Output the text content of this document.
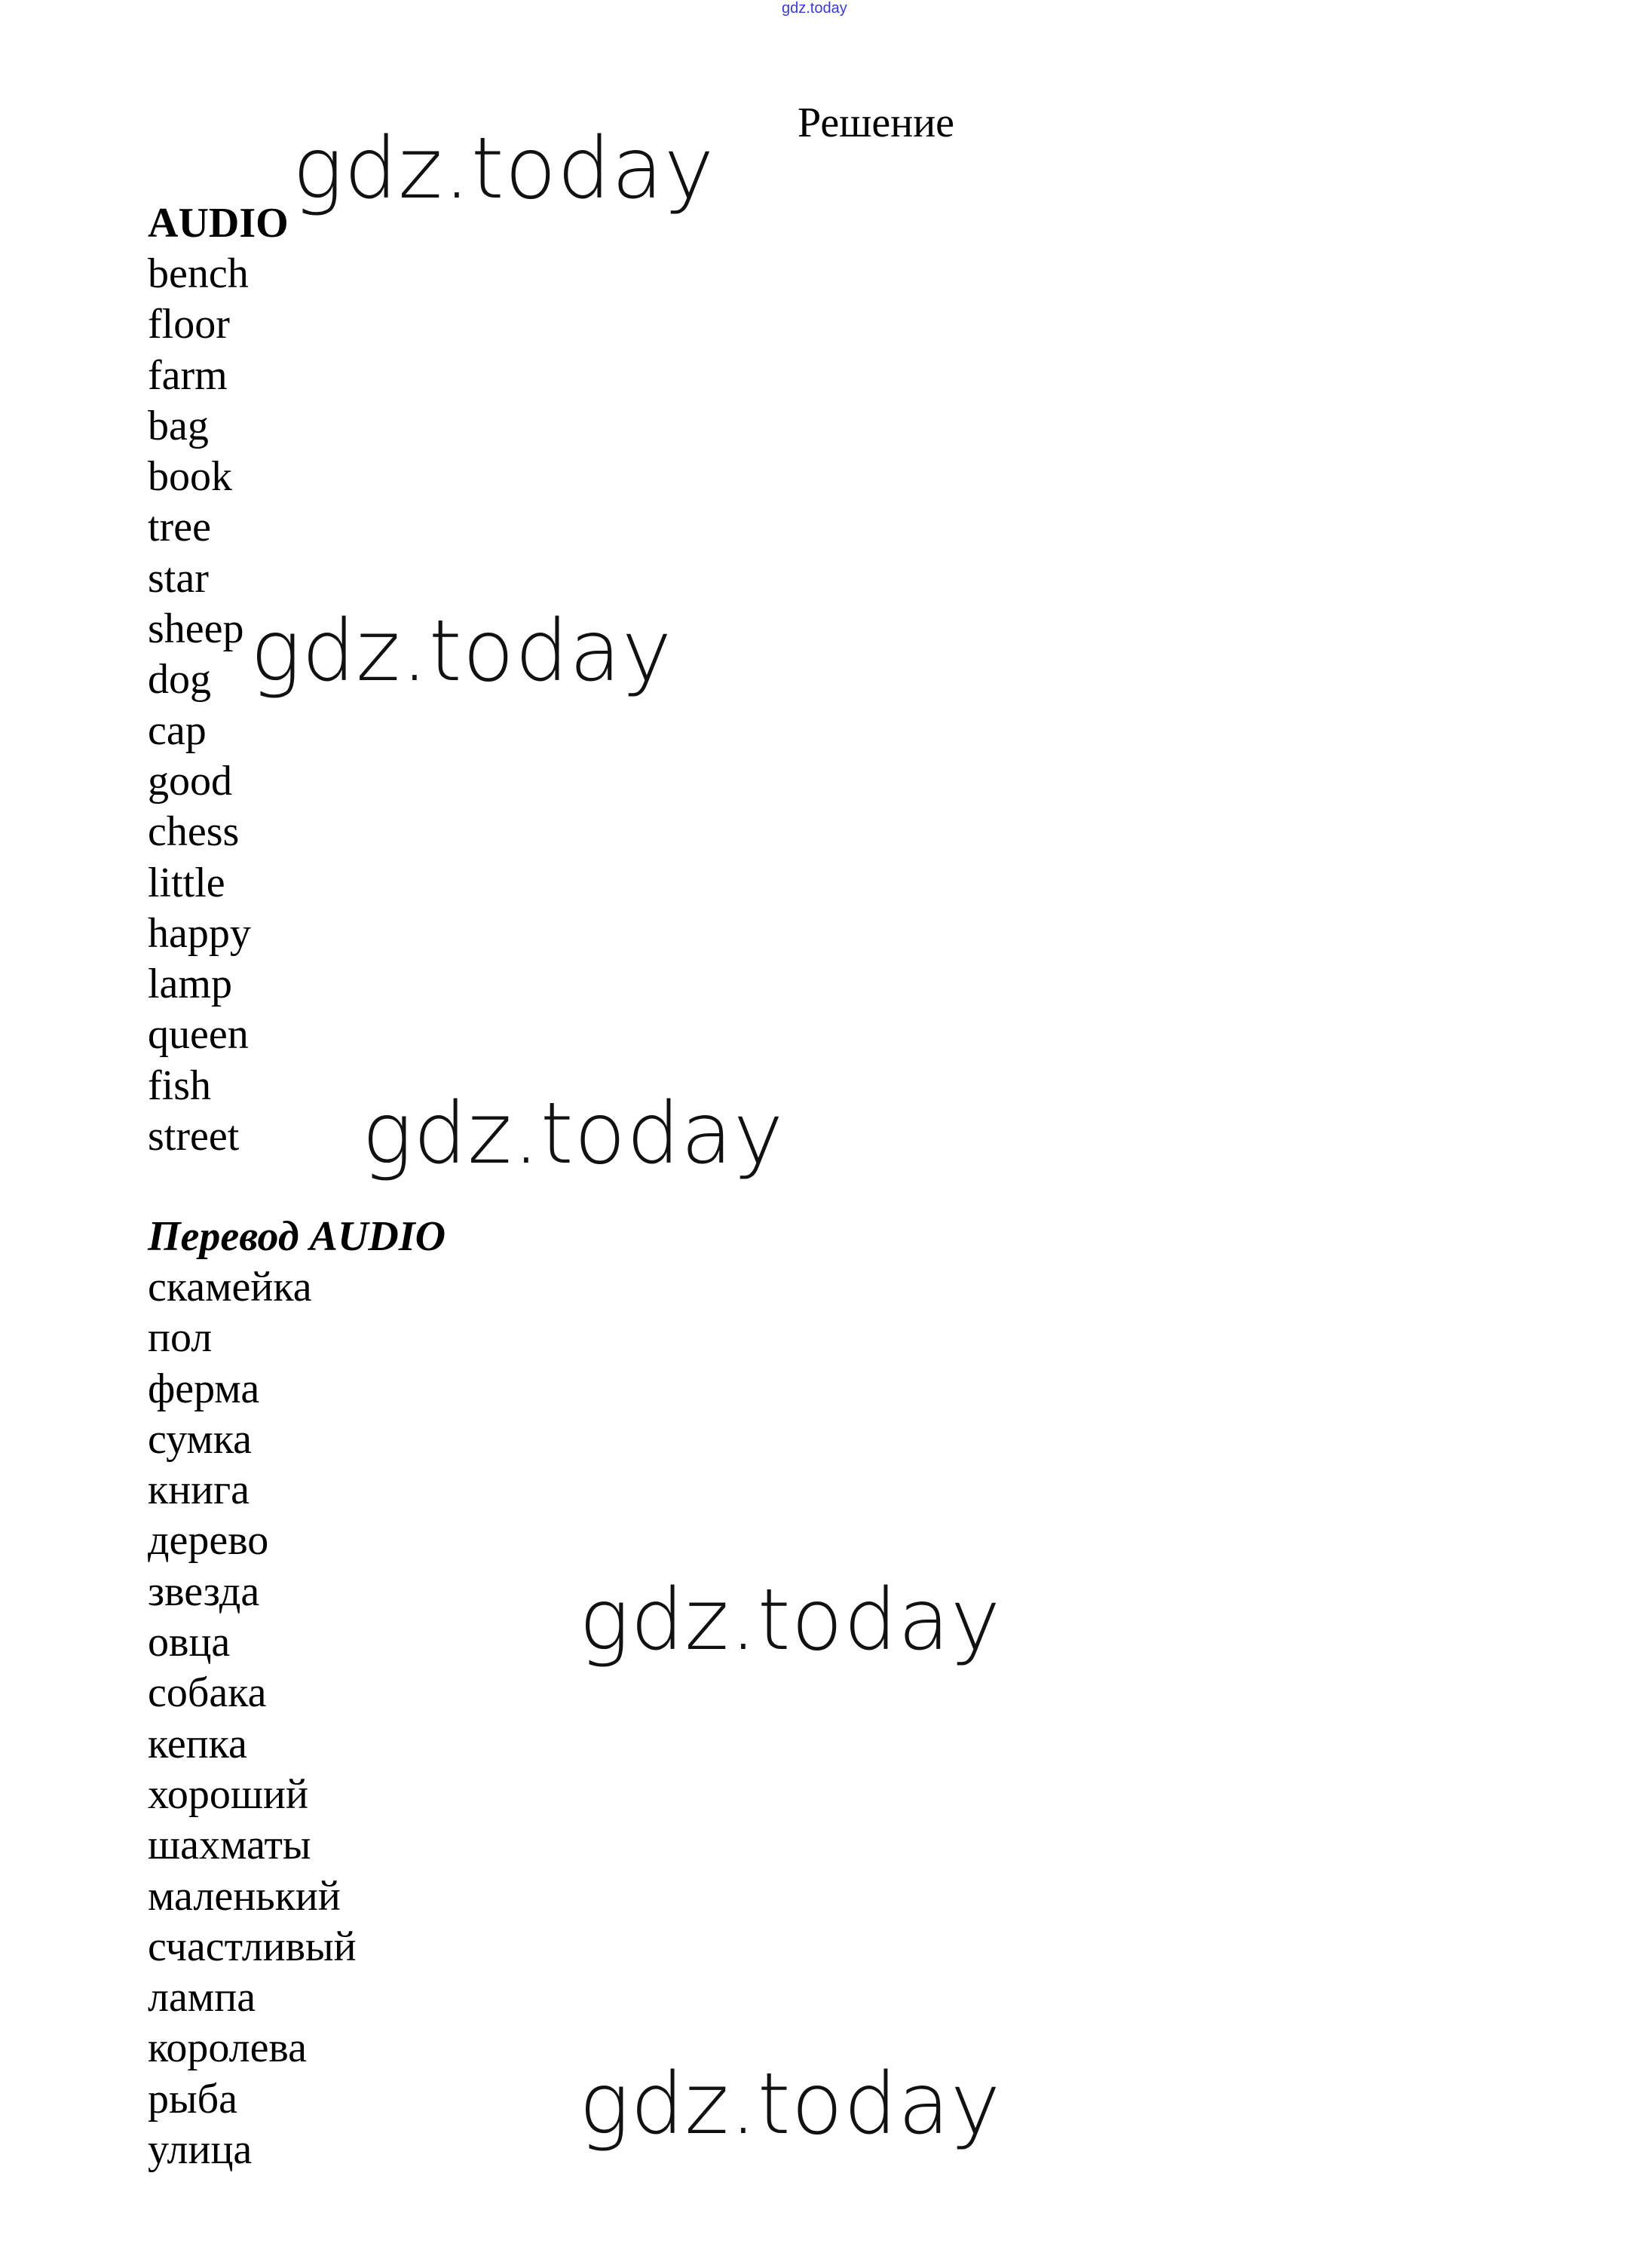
gdz.today
Решение
AUDIO
bench
floor
farm
bag
book
tree
star
sheep
dog
cap
good
chess
little
happy
lamp
queen
fish
street
Перевод AUDIO
скамейка
пол
ферма
сумка
книга
дерево
звезда
овца
собака
кепка
хороший
шахматы
маленький
счастливый
лампа
королева
рыба
улица
gdz.today
gdz.today
gdz.today
gdz.today
gdz.today
